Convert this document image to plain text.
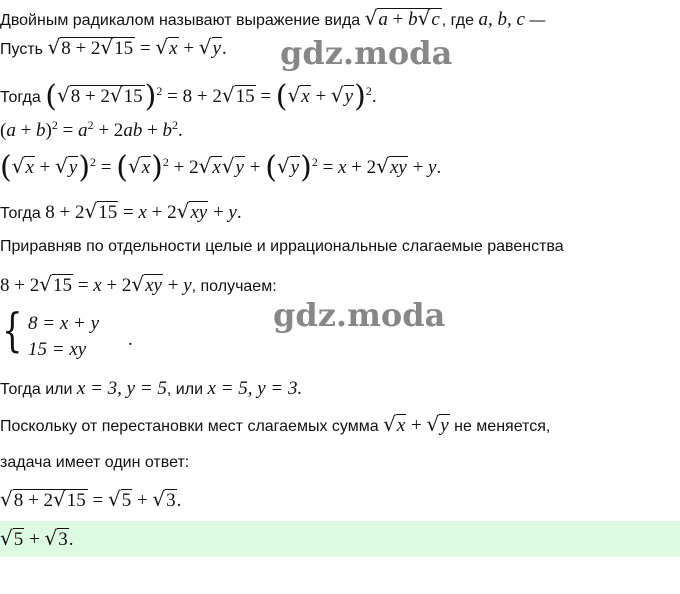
gdz.moda
gdz.moda
Двойным радикалом называют выражение вида √a + b√c , где a, b, c —
Пусть √8 + 2√15 = √x + √y.
Тогда $(√8 + 2√15)^2 = 8 + 2√15 = (√x + √y)^2$.
$(a + b)^2 = a^2 + 2ab + b^2$.
$(√x + √y)^2 = (√x)^2 + 2√x√y + (√y)^2 = x + 2√xy + y$.
Тогда 8 + 2√15 = x + 2√xy + y.
Приравняв по отдельности целые и иррациональные слагаемые равенства
8 + 2√15 = x + 2√xy + y, получаем:
{ 8 = x + y
15 = xy .
Тогда или x = 3, y = 5, или x = 5, y = 3.
Поскольку от перестановки мест слагаемых сумма √x + √y не меняется,
задача имеет один ответ:
√8 + 2√15 = √5 + √3.
√5 + √3.
